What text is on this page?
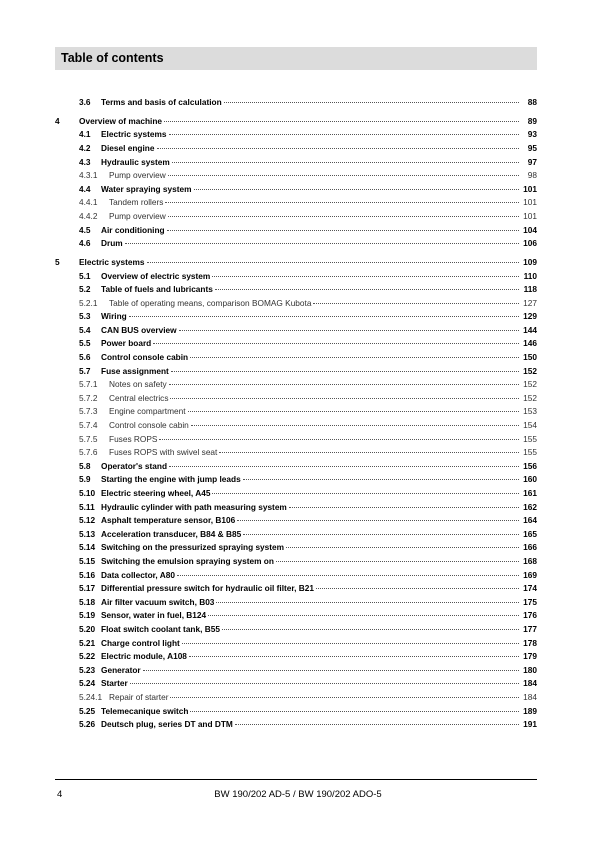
Table of contents
3.6	Terms and basis of calculation	88
4 Overview of machine	89
4.1	Electric systems	93
4.2	Diesel engine	95
4.3	Hydraulic system	97
4.3.1	Pump overview	98
4.4	Water spraying system	101
4.4.1	Tandem rollers	101
4.4.2	Pump overview	101
4.5	Air conditioning	104
4.6	Drum	106
5 Electric systems	109
5.1	Overview of electric system	110
5.2	Table of fuels and lubricants	118
5.2.1	Table of operating means, comparison BOMAG Kubota	127
5.3	Wiring	129
5.4	CAN BUS overview	144
5.5	Power board	146
5.6	Control console cabin	150
5.7	Fuse assignment	152
5.7.1	Notes on safety	152
5.7.2	Central electrics	152
5.7.3	Engine compartment	153
5.7.4	Control console cabin	154
5.7.5	Fuses ROPS	155
5.7.6	Fuses ROPS with swivel seat	155
5.8	Operator's stand	156
5.9	Starting the engine with jump leads	160
5.10 Electric steering wheel, A45	161
5.11 Hydraulic cylinder with path measuring system	162
5.12 Asphalt temperature sensor, B106	164
5.13 Acceleration transducer, B84 & B85	165
5.14 Switching on the pressurized spraying system	166
5.15 Switching the emulsion spraying system on	168
5.16 Data collector, A80	169
5.17 Differential pressure switch for hydraulic oil filter, B21	174
5.18 Air filter vacuum switch, B03	175
5.19 Sensor, water in fuel, B124	176
5.20 Float switch coolant tank, B55	177
5.21 Charge control light	178
5.22 Electric module, A108	179
5.23 Generator	180
5.24 Starter	184
5.24.1 Repair of starter	184
5.25 Telemecanique switch	189
5.26 Deutsch plug, series DT and DTM	191
4	BW 190/202 AD-5 / BW 190/202 ADO-5
